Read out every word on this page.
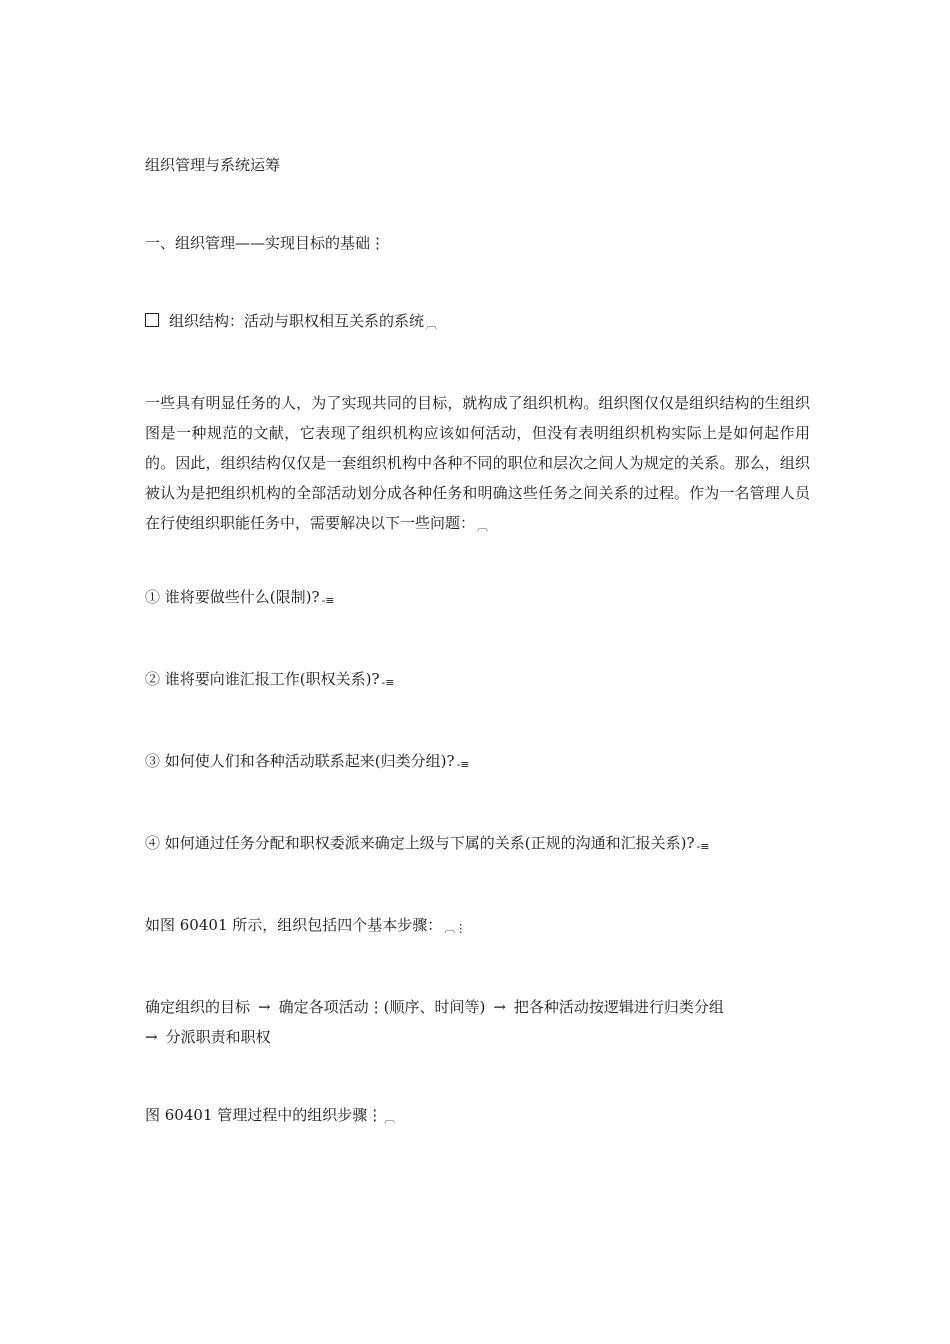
组织管理与系统运筹
一、组织管理——实现目标的基础⋮
组织结构：活动与职权相互关系的系统 ︹
一些具有明显任务的人，为了实现共同的目标，就构成了组织机构。组织图仅仅是组织结构的生组织图是一种规范的文献，它表现了组织机构应该如何活动，但没有表明组织机构实际上是如何起作用的。因此，组织结构仅仅是一套组织机构中各种不同的职位和层次之间人为规定的关系。那么，组织被认为是把组织机构的全部活动划分成各种任务和明确这些任务之间关系的过程。作为一名管理人员在行使组织职能任务中，需要解决以下一些问题： ︹
① 谁将要做些什么(限制)? -≡
② 谁将要向谁汇报工作(职权关系)? -≡
③ 如何使人们和各种活动联系起来(归类分组)? -≡
④ 如何通过任务分配和职权委派来确定上级与下属的关系(正规的沟通和汇报关系)? -≡
如图 60401 所示，组织包括四个基本步骤： ︹⋮
确定组织的目标 → 确定各项活动⋮(顺序、时间等) → 把各种活动按逻辑进行归类分组
→ 分派职责和职权
图 60401 管理过程中的组织步骤⋮ ︹
